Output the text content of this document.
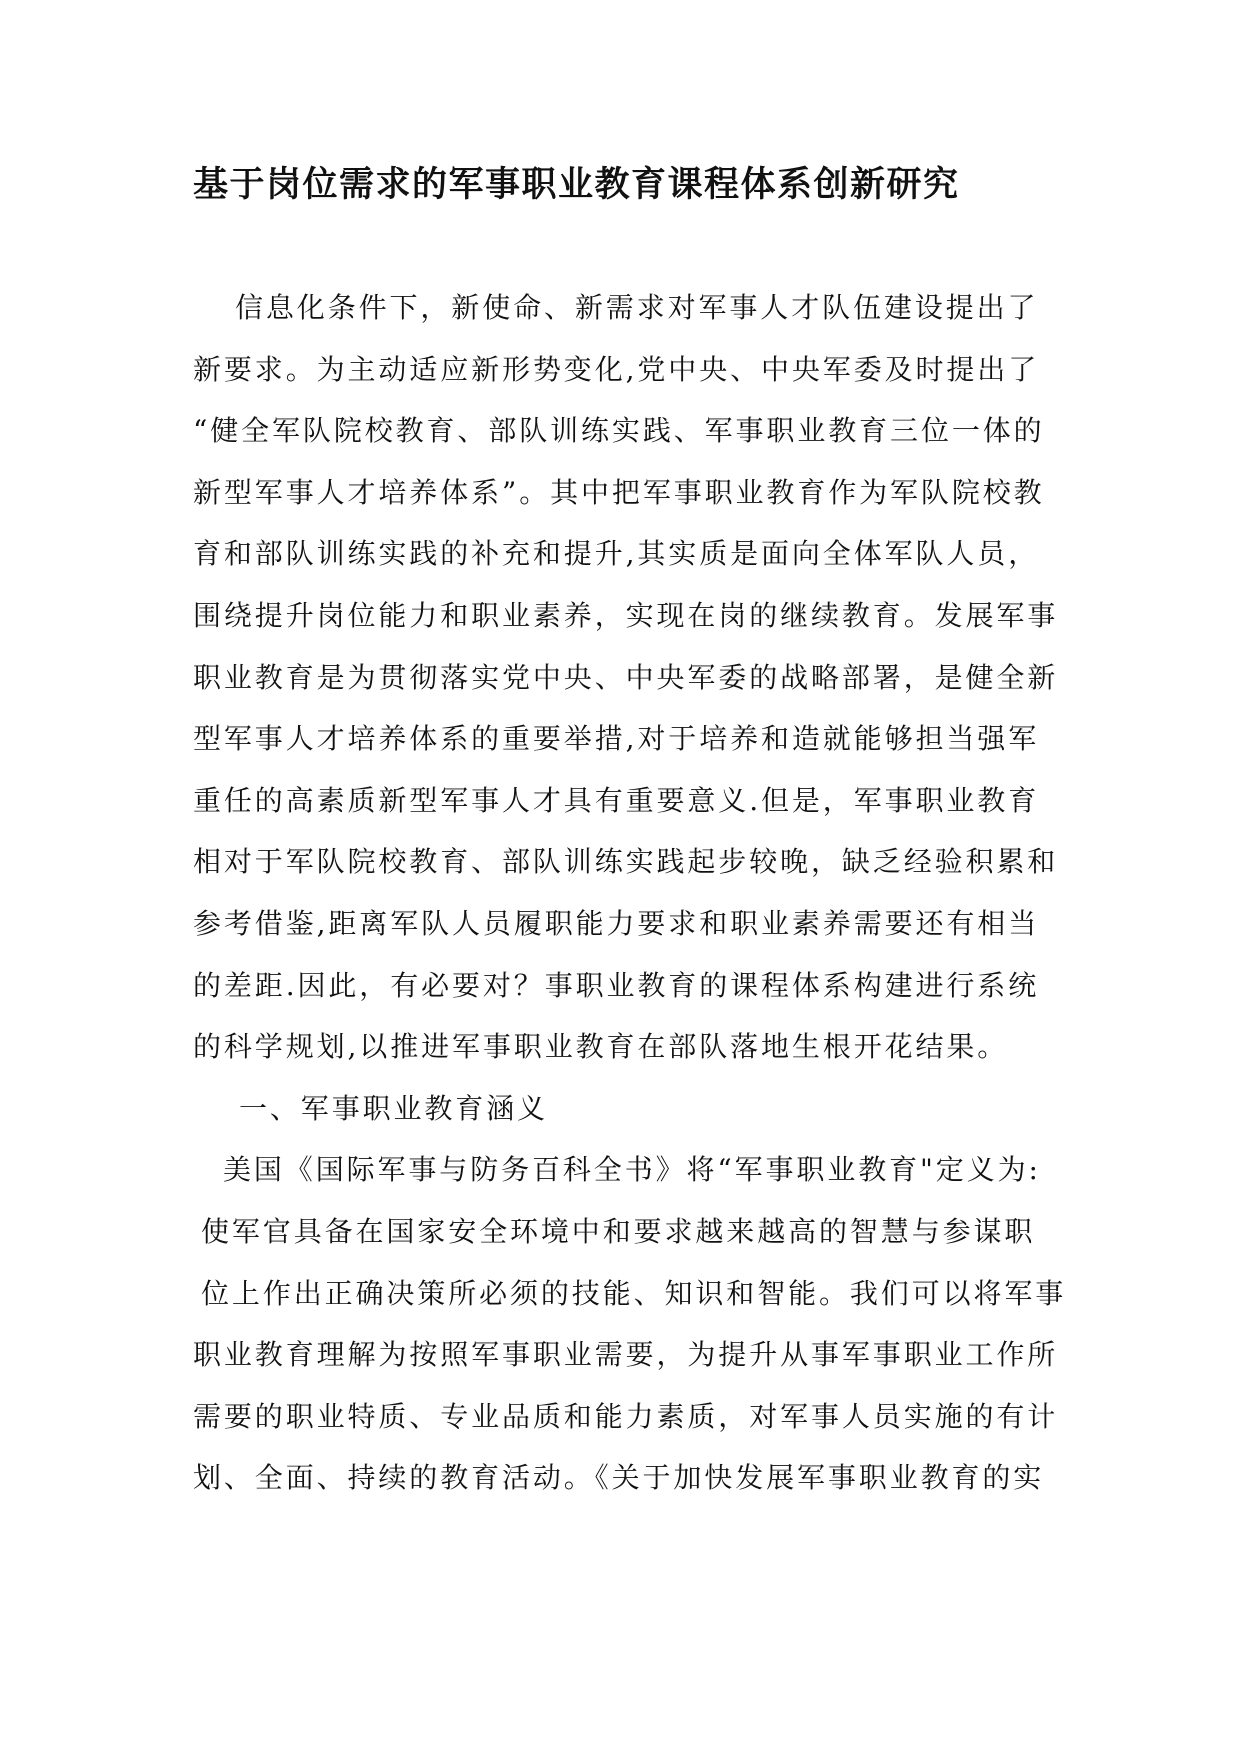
基于岗位需求的军事职业教育课程体系创新研究
信息化条件下，新使命、新需求对军事人才队伍建设提出了
新要求。为主动适应新形势变化,党中央、中央军委及时提出了
“健全军队院校教育、部队训练实践、军事职业教育三位一体的
新型军事人才培养体系”。其中把军事职业教育作为军队院校教
育和部队训练实践的补充和提升,其实质是面向全体军队人员，
围绕提升岗位能力和职业素养，实现在岗的继续教育。发展军事
职业教育是为贯彻落实党中央、中央军委的战略部署，是健全新
型军事人才培养体系的重要举措,对于培养和造就能够担当强军
重任的高素质新型军事人才具有重要意义.但是，军事职业教育
相对于军队院校教育、部队训练实践起步较晚，缺乏经验积累和
参考借鉴,距离军队人员履职能力要求和职业素养需要还有相当
的差距.因此，有必要对？事职业教育的课程体系构建进行系统
的科学规划,以推进军事职业教育在部队落地生根开花结果。
一、军事职业教育涵义
美国《国际军事与防务百科全书》将“军事职业教育"定义为:
使军官具备在国家安全环境中和要求越来越高的智慧与参谋职
位上作出正确决策所必须的技能、知识和智能。我们可以将军事
职业教育理解为按照军事职业需要，为提升从事军事职业工作所
需要的职业特质、专业品质和能力素质，对军事人员实施的有计
划、全面、持续的教育活动。《关于加快发展军事职业教育的实
